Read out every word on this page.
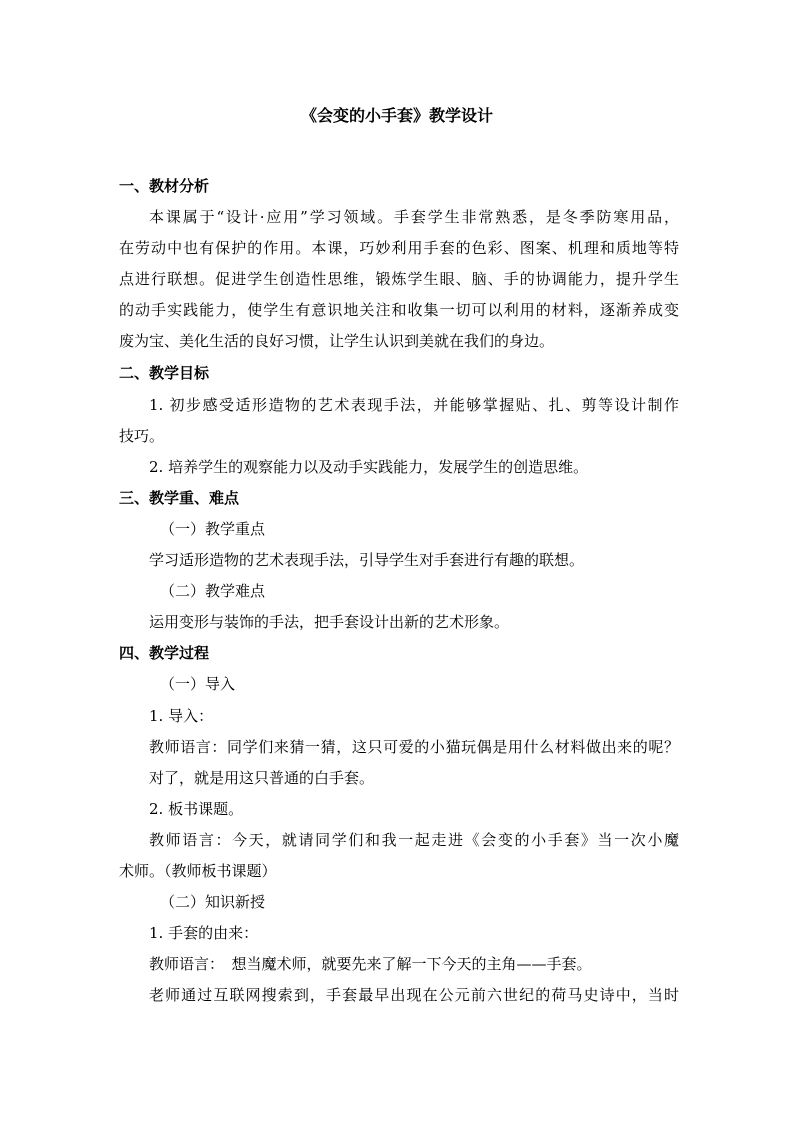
《会变的小手套》教学设计
一、教材分析
本课属于“设计·应用”学习领域。手套学生非常熟悉，是冬季防寒用品，
在劳动中也有保护的作用。本课，巧妙利用手套的色彩、图案、机理和质地等特
点进行联想。促进学生创造性思维，锻炼学生眼、脑、手的协调能力，提升学生
的动手实践能力，使学生有意识地关注和收集一切可以利用的材料，逐渐养成变
废为宝、美化生活的良好习惯，让学生认识到美就在我们的身边。
二、教学目标
1. 初步感受适形造物的艺术表现手法，并能够掌握贴、扎、剪等设计制作
技巧。
2. 培养学生的观察能力以及动手实践能力，发展学生的创造思维。
三、教学重、难点
（一）教学重点
学习适形造物的艺术表现手法，引导学生对手套进行有趣的联想。
（二）教学难点
运用变形与装饰的手法，把手套设计出新的艺术形象。
四、教学过程
（一）导入
1. 导入：
教师语言：同学们来猜一猜，这只可爱的小猫玩偶是用什么材料做出来的呢？
对了，就是用这只普通的白手套。
2. 板书课题。
教师语言：今天，就请同学们和我一起走进《会变的小手套》当一次小魔
术师。（教师板书课题）
（二）知识新授
1. 手套的由来：
教师语言：　想当魔术师，就要先来了解一下今天的主角——手套。
老师通过互联网搜索到，手套最早出现在公元前六世纪的荷马史诗中，当时
